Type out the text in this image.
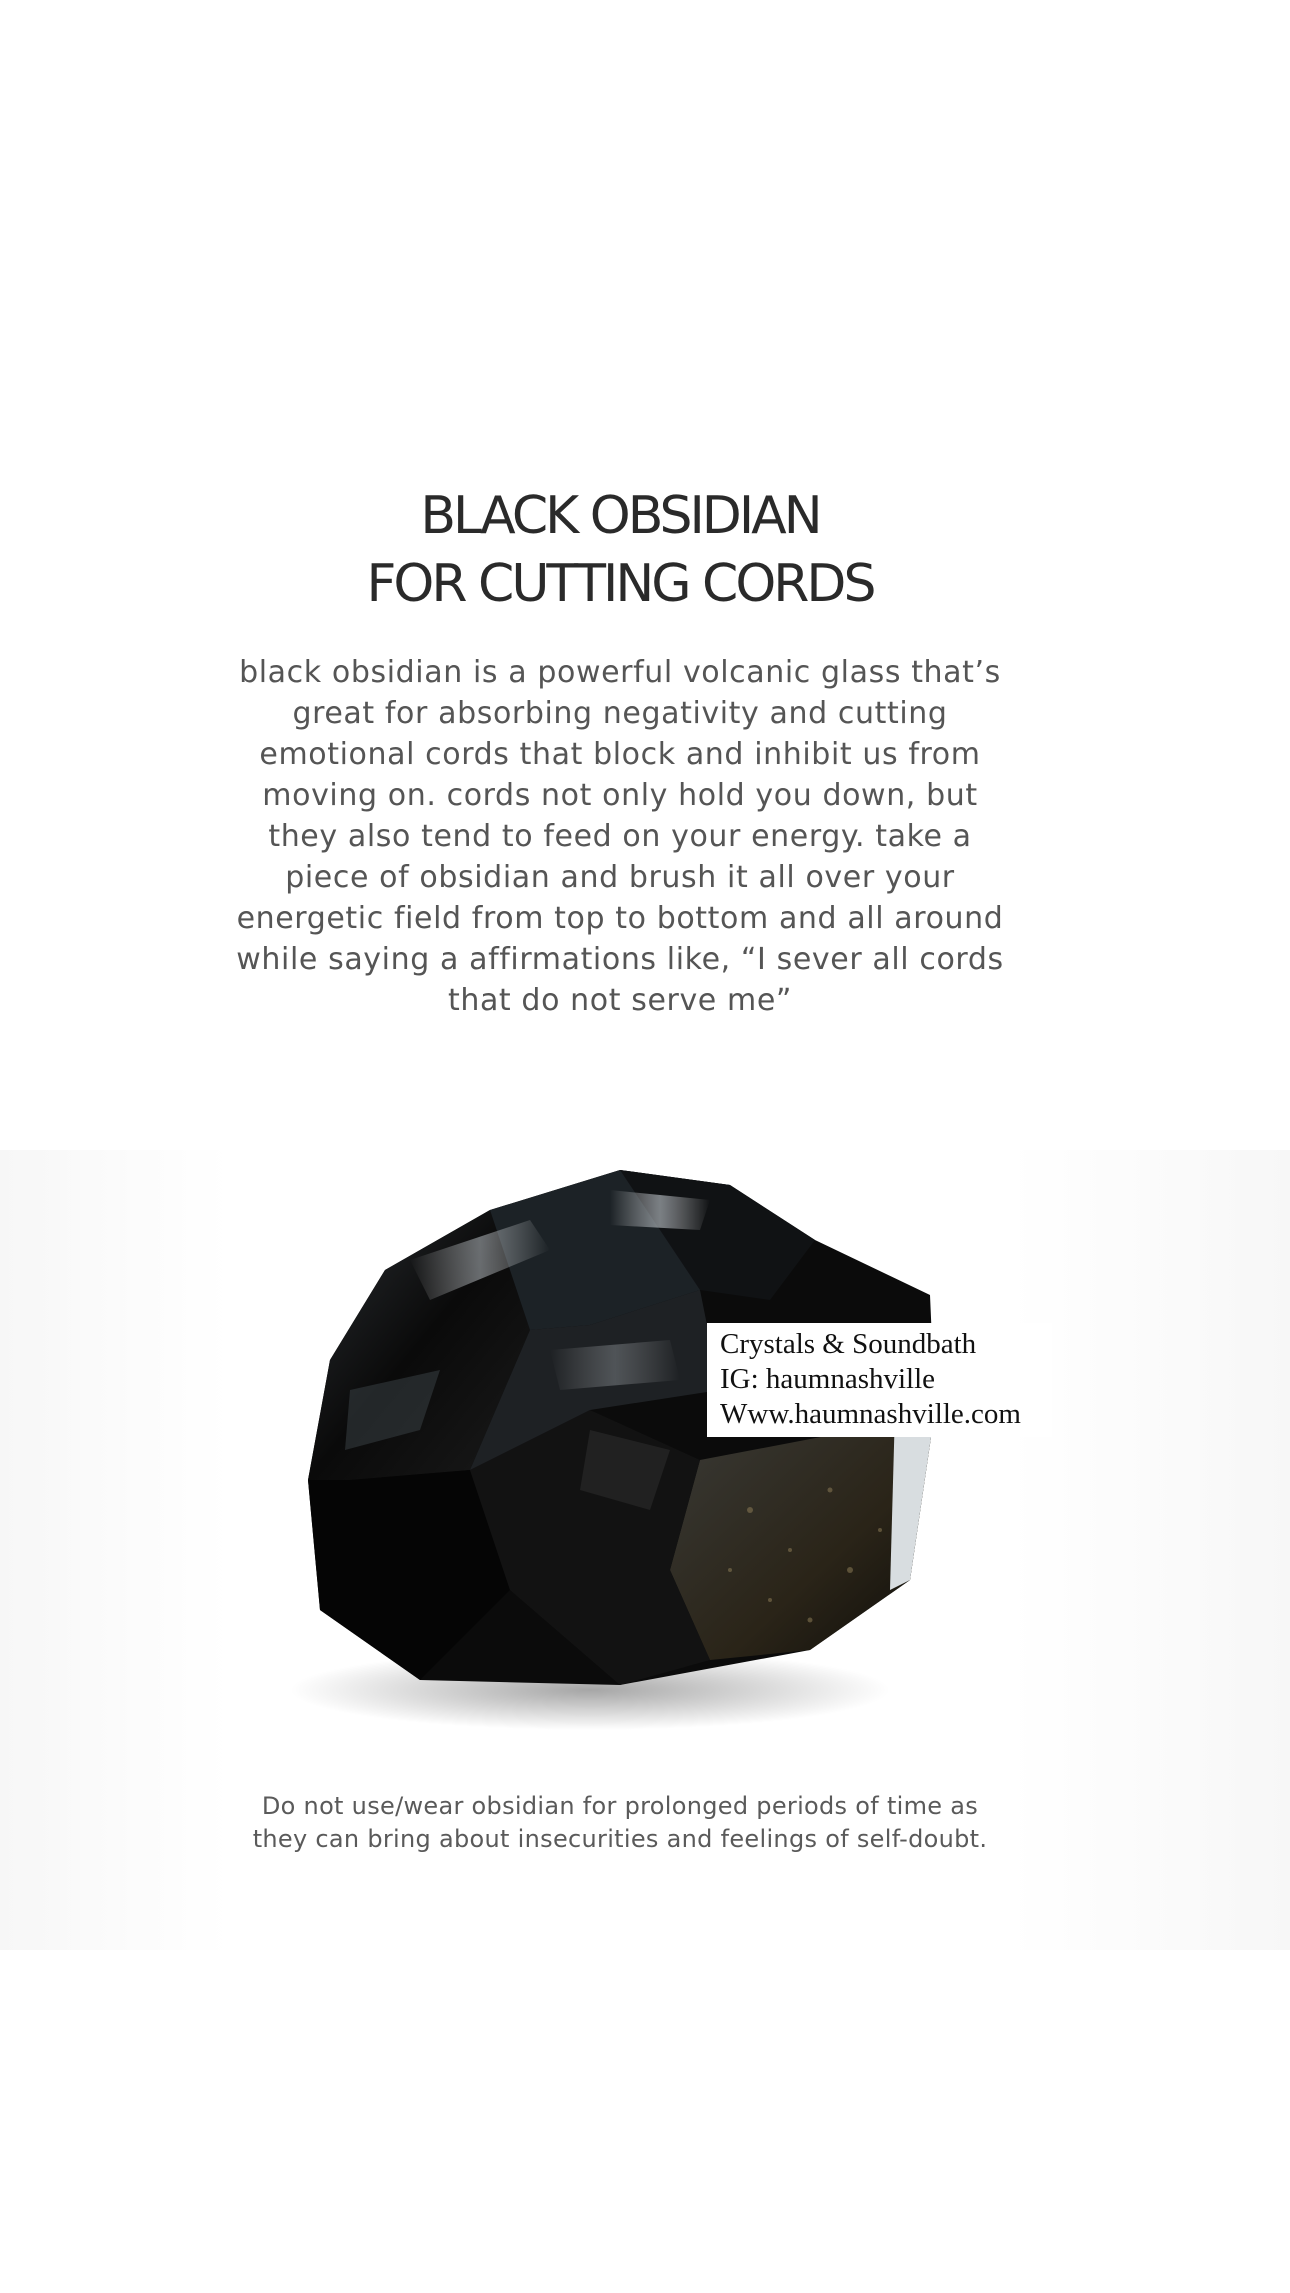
BLACK OBSIDIAN
FOR CUTTING CORDS

black obsidian is a powerful volcanic glass that’s great for absorbing negativity and cutting emotional cords that block and inhibit us from moving on. cords not only hold you down, but they also tend to feed on your energy. take a piece of obsidian and brush it all over your energetic field from top to bottom and all around while saying a affirmations like, “I sever all cords that do not serve me”

Crystals & Soundbath
IG: haumnashville
Www.haumnashville.com

Do not use/wear obsidian for prolonged periods of time as they can bring about insecurities and feelings of self-doubt.
